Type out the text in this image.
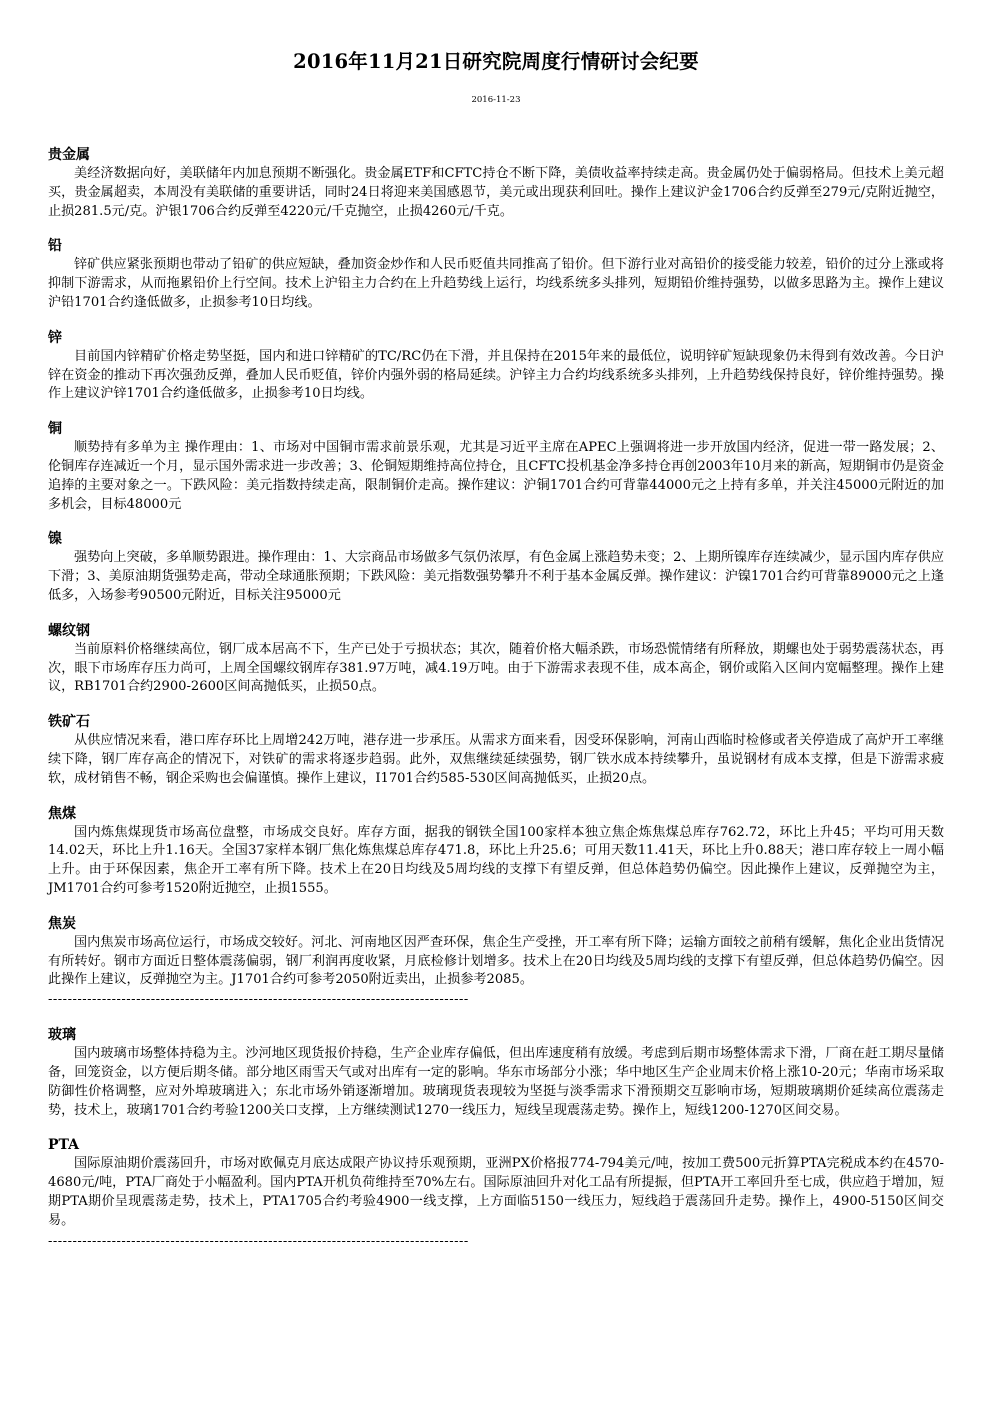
2016年11月21日研究院周度行情研讨会纪要

2016-11-23

贵金属

美经济数据向好，美联储年内加息预期不断强化。贵金属ETF和CFTC持仓不断下降，美债收益率持续走高。贵金属仍处于偏弱格局。但技术上美元超买，贵金属超卖，本周没有美联储的重要讲话，同时24日将迎来美国感恩节，美元或出现获利回吐。操作上建议沪金1706合约反弹至279元/克附近抛空，止损281.5元/克。沪银1706合约反弹至4220元/千克抛空，止损4260元/千克。

铅

锌矿供应紧张预期也带动了铅矿的供应短缺，叠加资金炒作和人民币贬值共同推高了铅价。但下游行业对高铅价的接受能力较差，铅价的过分上涨或将抑制下游需求，从而拖累铅价上行空间。技术上沪铅主力合约在上升趋势线上运行，均线系统多头排列，短期铅价维持强势，以做多思路为主。操作上建议沪铅1701合约逢低做多，止损参考10日均线。

锌

目前国内锌精矿价格走势坚挺，国内和进口锌精矿的TC/RC仍在下滑，并且保持在2015年来的最低位，说明锌矿短缺现象仍未得到有效改善。今日沪锌在资金的推动下再次强劲反弹，叠加人民币贬值，锌价内强外弱的格局延续。沪锌主力合约均线系统多头排列，上升趋势线保持良好，锌价维持强势。操作上建议沪锌1701合约逢低做多，止损参考10日均线。

铜

顺势持有多单为主 操作理由：1、市场对中国铜市需求前景乐观，尤其是习近平主席在APEC上强调将进一步开放国内经济，促进一带一路发展；2、伦铜库存连减近一个月，显示国外需求进一步改善；3、伦铜短期维持高位持仓，且CFTC投机基金净多持仓再创2003年10月来的新高，短期铜市仍是资金追捧的主要对象之一。下跌风险：美元指数持续走高，限制铜价走高。操作建议：沪铜1701合约可背靠44000元之上持有多单，并关注45000元附近的加多机会，目标48000元

镍

强势向上突破，多单顺势跟进。操作理由：1、大宗商品市场做多气氛仍浓厚，有色金属上涨趋势未变；2、上期所镍库存连续减少，显示国内库存供应下滑；3、美原油期货强势走高，带动全球通胀预期；下跌风险：美元指数强势攀升不利于基本金属反弹。操作建议：沪镍1701合约可背靠89000元之上逢低多，入场参考90500元附近，目标关注95000元

螺纹钢

当前原料价格继续高位，钢厂成本居高不下，生产已处于亏损状态；其次，随着价格大幅杀跌，市场恐慌情绪有所释放，期螺也处于弱势震荡状态，再次，眼下市场库存压力尚可，上周全国螺纹钢库存381.97万吨，减4.19万吨。由于下游需求表现不佳，成本高企，钢价或陷入区间内宽幅整理。操作上建议，RB1701合约2900-2600区间高抛低买，止损50点。

铁矿石

从供应情况来看，港口库存环比上周增242万吨，港存进一步承压。从需求方面来看，因受环保影响，河南山西临时检修或者关停造成了高炉开工率继续下降，钢厂库存高企的情况下，对铁矿的需求将逐步趋弱。此外，双焦继续延续强势，钢厂铁水成本持续攀升，虽说钢材有成本支撑，但是下游需求疲软，成材销售不畅，钢企采购也会偏谨慎。操作上建议，I1701合约585-530区间高抛低买，止损20点。

焦煤

国内炼焦煤现货市场高位盘整，市场成交良好。库存方面，据我的钢铁全国100家样本独立焦企炼焦煤总库存762.72，环比上升45；平均可用天数14.02天，环比上升1.16天。全国37家样本钢厂焦化炼焦煤总库存471.8，环比上升25.6；可用天数11.41天，环比上升0.88天；港口库存较上一周小幅上升。由于环保因素，焦企开工率有所下降。技术上在20日均线及5周均线的支撑下有望反弹，但总体趋势仍偏空。因此操作上建议，反弹抛空为主，JM1701合约可参考1520附近抛空，止损1555。

焦炭

国内焦炭市场高位运行，市场成交较好。河北、河南地区因严查环保，焦企生产受挫，开工率有所下降；运输方面较之前稍有缓解，焦化企业出货情况有所转好。钢市方面近日整体震荡偏弱，钢厂利润再度收紧，月底检修计划增多。技术上在20日均线及5周均线的支撑下有望反弹，但总体趋势仍偏空。因此操作上建议，反弹抛空为主。J1701合约可参考2050附近卖出，止损参考2085。

--------------------------------------------------------------------------------------
玻璃

国内玻璃市场整体持稳为主。沙河地区现货报价持稳，生产企业库存偏低，但出库速度稍有放缓。考虑到后期市场整体需求下滑，厂商在赶工期尽量储备，回笼资金，以方便后期冬储。部分地区雨雪天气或对出库有一定的影响。华东市场部分小涨；华中地区生产企业周末价格上涨10-20元；华南市场采取防御性价格调整，应对外埠玻璃进入；东北市场外销逐渐增加。玻璃现货表现较为坚挺与淡季需求下滑预期交互影响市场，短期玻璃期价延续高位震荡走势，技术上，玻璃1701合约考验1200关口支撑，上方继续测试1270一线压力，短线呈现震荡走势。操作上，短线1200-1270区间交易。

PTA

国际原油期价震荡回升，市场对欧佩克月底达成限产协议持乐观预期，亚洲PX价格报774-794美元/吨，按加工费500元折算PTA完税成本约在4570-4680元/吨，PTA厂商处于小幅盈利。国内PTA开机负荷维持至70%左右。国际原油回升对化工品有所提振，但PTA开工率回升至七成，供应趋于增加，短期PTA期价呈现震荡走势，技术上，PTA1705合约考验4900一线支撑，上方面临5150一线压力，短线趋于震荡回升走势。操作上，4900-5150区间交易。

--------------------------------------------------------------------------------------
